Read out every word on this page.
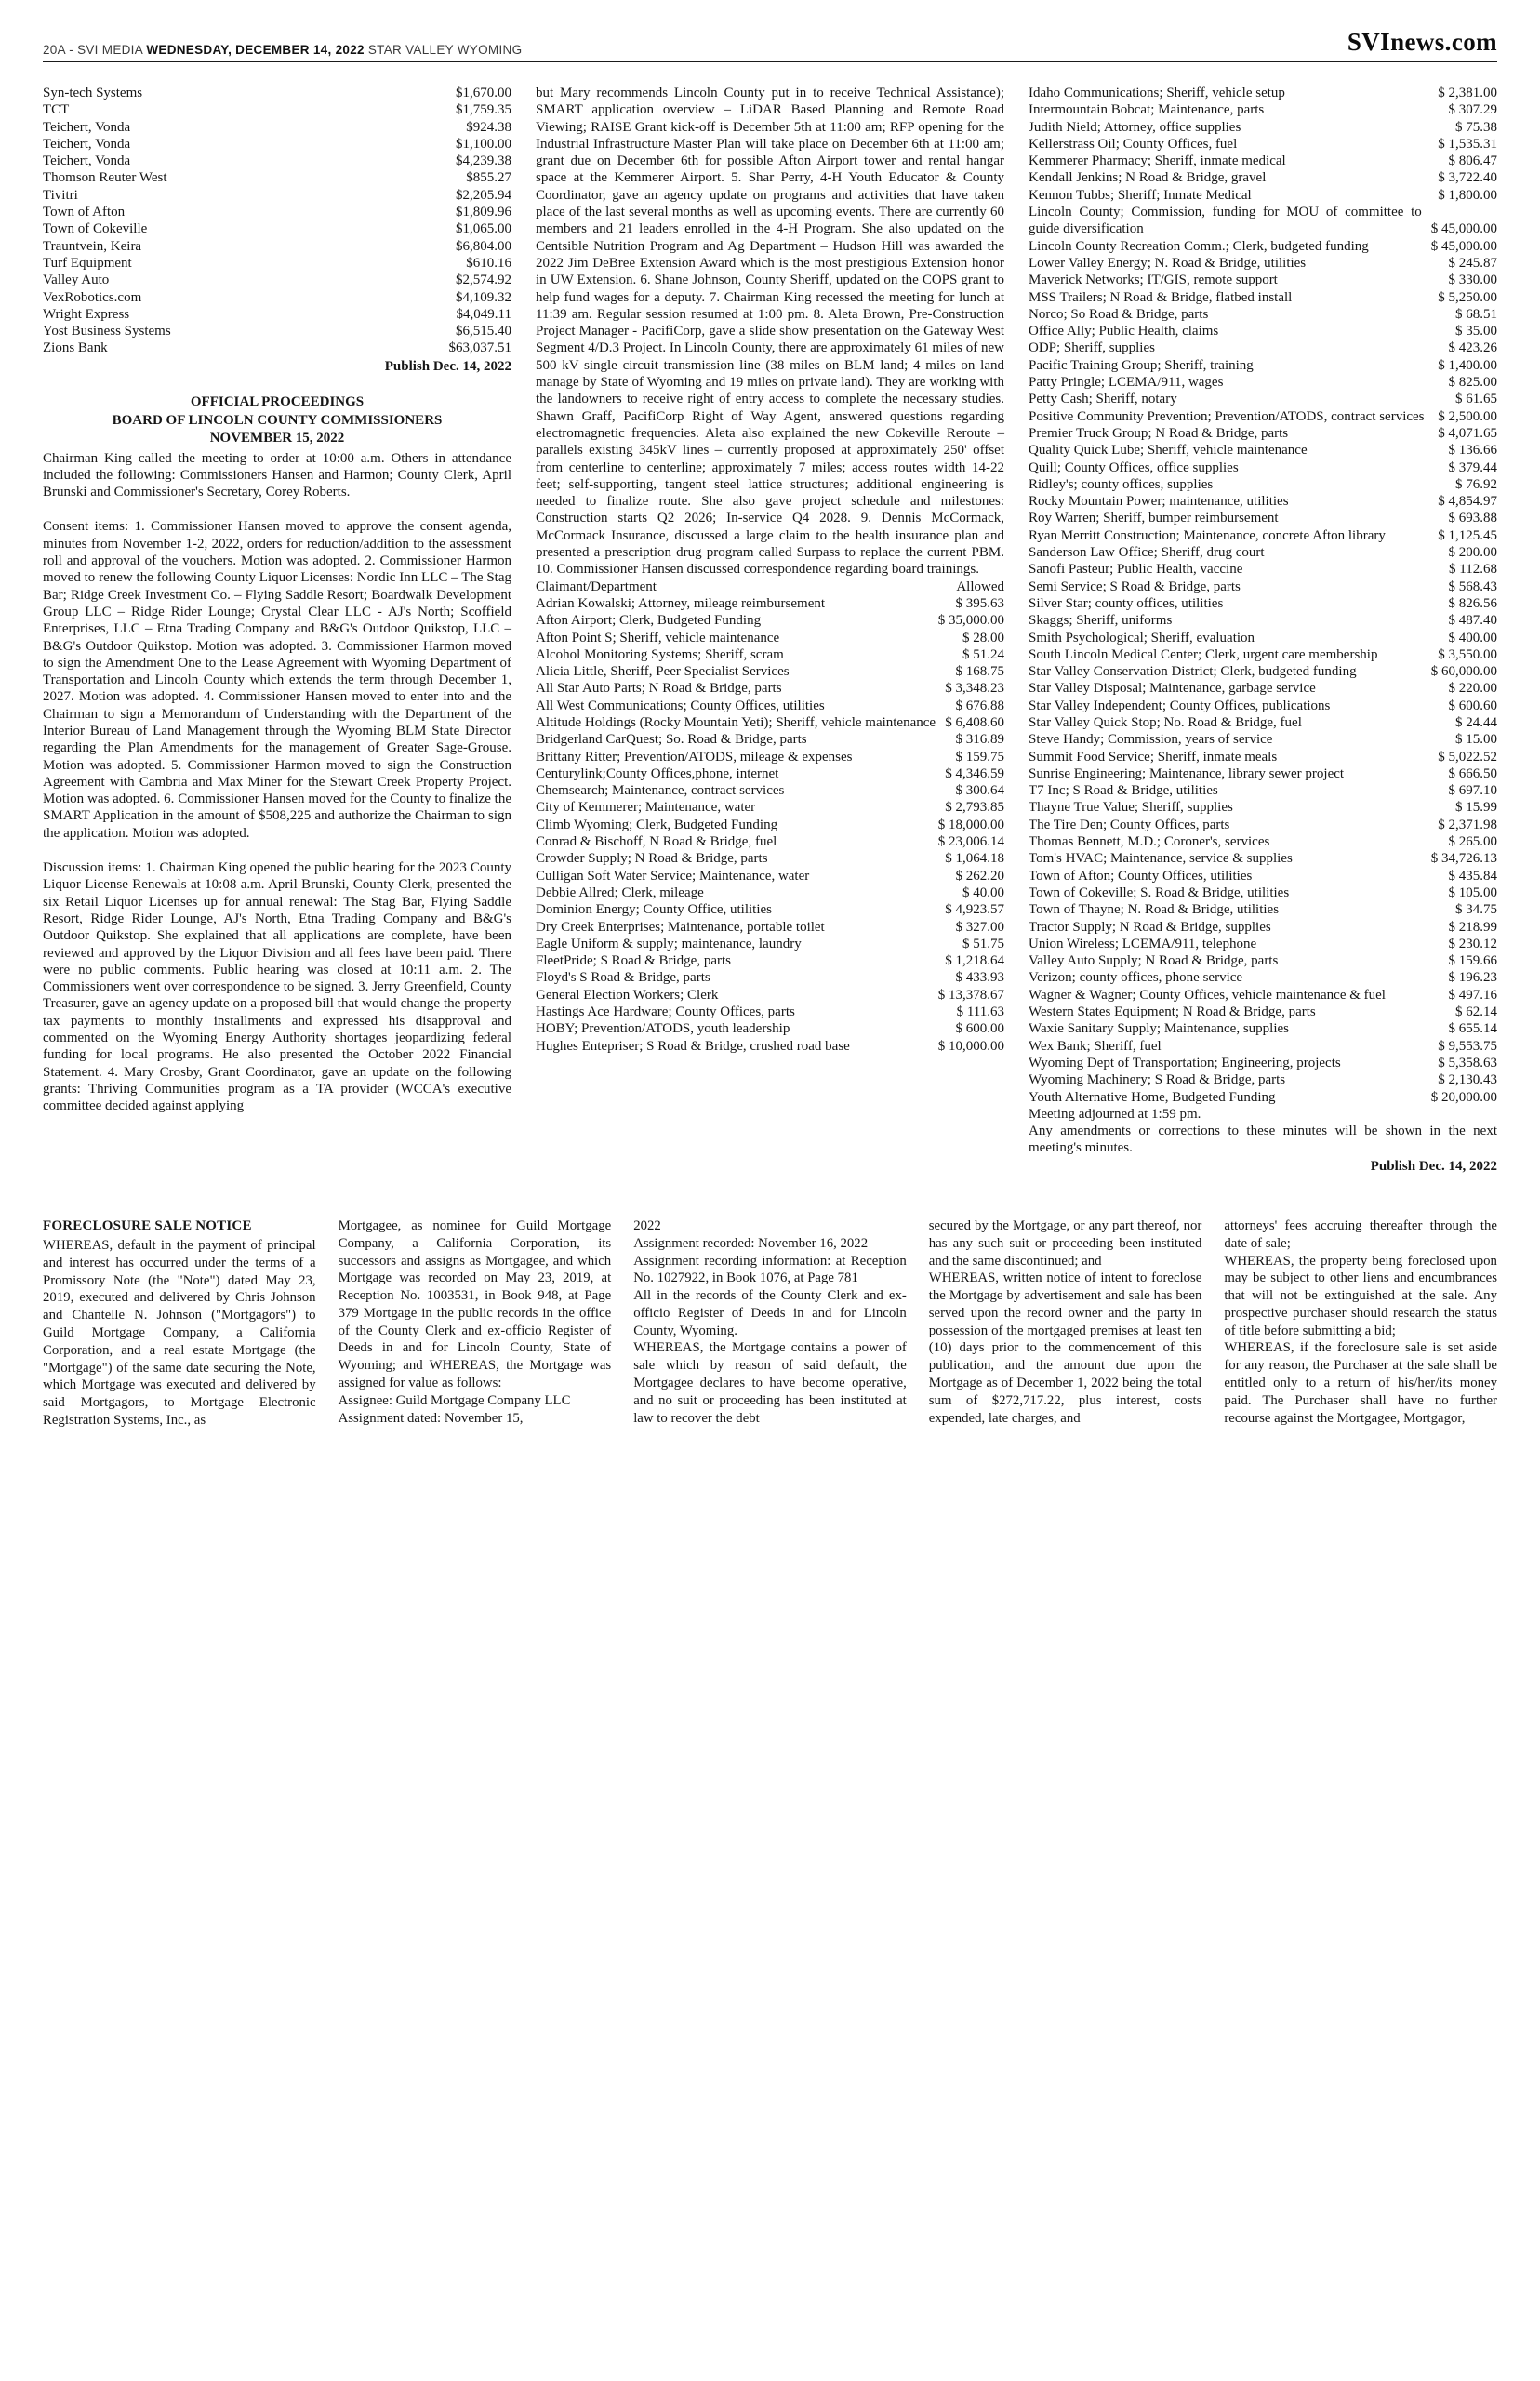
20A - SVI MEDIA WEDNESDAY, DECEMBER 14, 2022 STAR VALLEY WYOMING	SVInews.com
Syn-tech Systems	$1,670.00
TCT	$1,759.35
Teichert, Vonda	$924.38
Teichert, Vonda	$1,100.00
Teichert, Vonda	$4,239.38
Thomson Reuter West	$855.27
Tivitri	$2,205.94
Town of Afton	$1,809.96
Town of Cokeville	$1,065.00
Trauntvein, Keira	$6,804.00
Turf Equipment	$610.16
Valley Auto	$2,574.92
VexRobotics.com	$4,109.32
Wright Express	$4,049.11
Yost Business Systems	$6,515.40
Zions Bank	$63,037.51
Publish Dec. 14, 2022
OFFICIAL PROCEEDINGS
BOARD OF LINCOLN COUNTY COMMISSIONERS
NOVEMBER 15, 2022

Chairman King called the meeting to order at 10:00 a.m. Others in attendance included the following: Commissioners Hansen and Harmon; County Clerk, April Brunski and Commissioner's Secretary, Corey Roberts.

Consent items: 1. Commissioner Hansen moved to approve the consent agenda, minutes from November 1-2, 2022, orders for reduction/addition to the assessment roll and approval of the vouchers. Motion was adopted. 2. Commissioner Harmon moved to renew the following County Liquor Licenses: Nordic Inn LLC – The Stag Bar; Ridge Creek Investment Co. – Flying Saddle Resort; Boardwalk Development Group LLC – Ridge Rider Lounge; Crystal Clear LLC - AJ's North; Scoffield Enterprises, LLC – Etna Trading Company and B&G's Outdoor Quikstop, LLC – B&G's Outdoor Quikstop. Motion was adopted. 3. Commissioner Harmon moved to sign the Amendment One to the Lease Agreement with Wyoming Department of Transportation and Lincoln County which extends the term through December 1, 2027. Motion was adopted. 4. Commissioner Hansen moved to enter into and the Chairman to sign a Memorandum of Understanding with the Department of the Interior Bureau of Land Management through the Wyoming BLM State Director regarding the Plan Amendments for the management of Greater Sage-Grouse. Motion was adopted. 5. Commissioner Harmon moved to sign the Construction Agreement with Cambria and Max Miner for the Stewart Creek Property Project. Motion was adopted. 6. Commissioner Hansen moved for the County to finalize the SMART Application in the amount of $508,225 and authorize the Chairman to sign the application. Motion was adopted.

Discussion items: 1. Chairman King opened the public hearing for the 2023 County Liquor License Renewals at 10:08 a.m. April Brunski, County Clerk, presented the six Retail Liquor Licenses up for annual renewal: The Stag Bar, Flying Saddle Resort, Ridge Rider Lounge, AJ's North, Etna Trading Company and B&G's Outdoor Quikstop. She explained that all applications are complete, have been reviewed and approved by the Liquor Division and all fees have been paid. There were no public comments. Public hearing was closed at 10:11 a.m. 2. The Commissioners went over correspondence to be signed. 3. Jerry Greenfield, County Treasurer, gave an agency update on a proposed bill that would change the property tax payments to monthly installments and expressed his disapproval and commented on the Wyoming Energy Authority shortages jeopardizing federal funding for local programs. He also presented the October 2022 Financial Statement. 4. Mary Crosby, Grant Coordinator, gave an update on the following grants: Thriving Communities program as a TA provider (WCCA's executive committee decided against applying

but Mary recommends Lincoln County put in to receive Technical Assistance); SMART application overview – LiDAR Based Planning and Remote Road Viewing; RAISE Grant kick-off is December 5th at 11:00 am; RFP opening for the Industrial Infrastructure Master Plan will take place on December 6th at 11:00 am; grant due on December 6th for possible Afton Airport tower and rental hangar space at the Kemmerer Airport. 5. Shar Perry, 4-H Youth Educator & County Coordinator, gave an agency update on programs and activities that have taken place of the last several months as well as upcoming events. There are currently 60 members and 21 leaders enrolled in the 4-H Program. She also updated on the Centsible Nutrition Program and Ag Department – Hudson Hill was awarded the 2022 Jim DeBree Extension Award which is the most prestigious Extension honor in UW Extension. 6. Shane Johnson, County Sheriff, updated on the COPS grant to help fund wages for a deputy. 7. Chairman King recessed the meeting for lunch at 11:39 am. Regular session resumed at 1:00 pm. 8. Aleta Brown, Pre-Construction Project Manager - PacifiCorp, gave a slide show presentation on the Gateway West Segment 4/D.3 Project. In Lincoln County, there are approximately 61 miles of new 500 kV single circuit transmission line (38 miles on BLM land; 4 miles on land manage by State of Wyoming and 19 miles on private land). They are working with the landowners to receive right of entry access to complete the necessary studies. Shawn Graff, PacifiCorp Right of Way Agent, answered questions regarding electromagnetic frequencies. Aleta also explained the new Cokeville Reroute – parallels existing 345kV lines – currently proposed at approximately 250' offset from centerline to centerline; approximately 7 miles; access routes width 14-22 feet; self-supporting, tangent steel lattice structures; additional engineering is needed to finalize route. She also gave project schedule and milestones: Construction starts Q2 2026; In-service Q4 2028. 9. Dennis McCormack, McCormack Insurance, discussed a large claim to the health insurance plan and presented a prescription drug program called Surpass to replace the current PBM. 10. Commissioner Hansen discussed correspondence regarding board trainings.

Claimant/Department	Allowed
Adrian Kowalski; Attorney, mileage reimbursement	$ 395.63
Afton Airport; Clerk, Budgeted Funding	$ 35,000.00
Afton Point S; Sheriff, vehicle maintenance	$ 28.00
Alcohol Monitoring Systems; Sheriff, scram	$ 51.24
Alicia Little, Sheriff, Peer Specialist Services	$ 168.75
All Star Auto Parts; N Road & Bridge, parts	$ 3,348.23
All West Communications; County Offices, utilities	$ 676.88
Altitude Holdings (Rocky Mountain Yeti); Sheriff, vehicle maintenance $ 6,408.60
Bridgerland CarQuest; So. Road & Bridge, parts	$ 316.89
Brittany Ritter; Prevention/ATODS, mileage & expenses	$ 159.75
Centurylink;County Offices,phone, internet	$ 4,346.59
Chemsearch; Maintenance, contract services	$ 300.64
City of Kemmerer; Maintenance, water	$ 2,793.85
Climb Wyoming; Clerk, Budgeted Funding	$ 18,000.00
Conrad & Bischoff, N Road & Bridge, fuel	$ 23,006.14
Crowder Supply; N Road & Bridge, parts	$ 1,064.18
Culligan Soft Water Service; Maintenance, water	$ 262.20
Debbie Allred; Clerk, mileage	$ 40.00
Dominion Energy; County Office, utilities	$ 4,923.57
Dry Creek Enterprises; Maintenance, portable toilet	$ 327.00
Eagle Uniform & supply; maintenance, laundry	$ 51.75
FleetPride; S Road & Bridge, parts	$ 1,218.64
Floyd's S Road & Bridge, parts	$ 433.93
General Election Workers; Clerk	$ 13,378.67
Hastings Ace Hardware; County Offices, parts	$ 111.63
HOBY; Prevention/ATODS, youth leadership	$ 600.00
Hughes Entepriser; S Road & Bridge, crushed road base	$ 10,000.00
Idaho Communications; Sheriff, vehicle setup	$ 2,381.00
Intermountain Bobcat; Maintenance, parts	$ 307.29
Judith Nield; Attorney, office supplies	$ 75.38
Kellerstrass Oil; County Offices, fuel	$ 1,535.31
Kemmerer Pharmacy; Sheriff, inmate medical	$ 806.47
Kendall Jenkins; N Road & Bridge, gravel	$ 3,722.40
Kennon Tubbs; Sheriff; Inmate Medical	$ 1,800.00
Lincoln County; Commission, funding for MOU of committee to guide diversification	$ 45,000.00
Lincoln County Recreation Comm.; Clerk, budgeted funding	$ 45,000.00
Lower Valley Energy; N. Road & Bridge, utilities	$ 245.87
Maverick Networks; IT/GIS, remote support	$ 330.00
MSS Trailers; N Road & Bridge, flatbed install	$ 5,250.00
Norco; So Road & Bridge, parts	$ 68.51
Office Ally; Public Health, claims	$ 35.00
ODP; Sheriff, supplies	$ 423.26
Pacific Training Group; Sheriff, training	$ 1,400.00
Patty Pringle; LCEMA/911, wages	$ 825.00
Petty Cash; Sheriff, notary	$ 61.65
Positive Community Prevention; Prevention/ATODS, contract services $ 2,500.00
Premier Truck Group; N Road & Bridge, parts	$ 4,071.65
Quality Quick Lube; Sheriff, vehicle maintenance	$ 136.66
Quill; County Offices, office supplies	$ 379.44
Ridley's; county offices, supplies	$ 76.92
Rocky Mountain Power; maintenance, utilities	$ 4,854.97
Roy Warren; Sheriff, bumper reimbursement	$ 693.88
Ryan Merritt Construction; Maintenance, concrete Afton library	$ 1,125.45
Sanderson Law Office; Sheriff, drug court	$ 200.00
Sanofi Pasteur; Public Health, vaccine	$ 112.68
Semi Service; S Road & Bridge, parts	$ 568.43
Silver Star; county offices, utilities	$ 826.56
Skaggs; Sheriff, uniforms	$ 487.40
Smith Psychological; Sheriff, evaluation	$ 400.00
South Lincoln Medical Center; Clerk, urgent care membership	$ 3,550.00
Star Valley Conservation District; Clerk, budgeted funding	$ 60,000.00
Star Valley Disposal; Maintenance, garbage service	$ 220.00
Star Valley Independent; County Offices, publications	$ 600.60
Star Valley Quick Stop; No. Road & Bridge, fuel	$ 24.44
Steve Handy; Commission, years of service	$ 15.00
Summit Food Service; Sheriff, inmate meals	$ 5,022.52
Sunrise Engineering; Maintenance, library sewer project	$ 666.50
T7 Inc; S Road & Bridge, utilities	$ 697.10
Thayne True Value; Sheriff, supplies	$ 15.99
The Tire Den; County Offices, parts	$ 2,371.98
Thomas Bennett, M.D.; Coroner's, services	$ 265.00
Tom's HVAC; Maintenance, service & supplies	$ 34,726.13
Town of Afton; County Offices, utilities	$ 435.84
Town of Cokeville; S. Road & Bridge, utilities	$ 105.00
Town of Thayne; N. Road & Bridge, utilities	$ 34.75
Tractor Supply; N Road & Bridge, supplies	$ 218.99
Union Wireless; LCEMA/911, telephone	$ 230.12
Valley Auto Supply; N Road & Bridge, parts	$ 159.66
Verizon; county offices, phone service	$ 196.23
Wagner & Wagner; County Offices, vehicle maintenance & fuel	$ 497.16
Western States Equipment; N Road & Bridge, parts	$ 62.14
Waxie Sanitary Supply; Maintenance, supplies	$ 655.14
Wex Bank; Sheriff, fuel	$ 9,553.75
Wyoming Dept of Transportation; Engineering, projects	$ 5,358.63
Wyoming Machinery; S Road & Bridge, parts	$ 2,130.43
Youth Alternative Home, Budgeted Funding	$ 20,000.00

Meeting adjourned at 1:59 pm.

Any amendments or corrections to these minutes will be shown in the next meeting's minutes.

Publish Dec. 14, 2022
FORECLOSURE SALE NOTICE

WHEREAS, default in the payment of principal and interest has occurred under the terms of a Promissory Note (the "Note") dated May 23, 2019, executed and delivered by Chris Johnson and Chantelle N. Johnson ("Mortgagors") to Guild Mortgage Company, a California Corporation, and a real estate Mortgage (the "Mortgage") of the same date securing the Note, which Mortgage was executed and delivered by said Mortgagors, to Mortgage Electronic Registration Systems, Inc., as

Mortgagee, as nominee for Guild Mortgage Company, a California Corporation, its successors and assigns as Mortgagee, and which Mortgage was recorded on May 23, 2019, at Reception No. 1003531, in Book 948, at Page 379 Mortgage in the public records in the office of the County Clerk and ex-officio Register of Deeds in and for Lincoln County, State of Wyoming; and WHEREAS, the Mortgage was assigned for value as follows:

Assignee: Guild Mortgage Company LLC

Assignment dated: November 15,

2022

Assignment recorded: November 16, 2022

Assignment recording information: at Reception No. 1027922, in Book 1076, at Page 781

All in the records of the County Clerk and ex-officio Register of Deeds in and for Lincoln County, Wyoming.

WHEREAS, the Mortgage contains a power of sale which by reason of said default, the Mortgagee declares to have become operative, and no suit or proceeding has been instituted at law to recover the debt

secured by the Mortgage, or any part thereof, nor has any such suit or proceeding been instituted and the same discontinued; and

WHEREAS, written notice of intent to foreclose the Mortgage by advertisement and sale has been served upon the record owner and the party in possession of the mortgaged premises at least ten (10) days prior to the commencement of this publication, and the amount due upon the Mortgage as of December 1, 2022 being the total sum of $272,717.22, plus interest, costs expended, late charges, and

attorneys' fees accruing thereafter through the date of sale;

WHEREAS, the property being foreclosed upon may be subject to other liens and encumbrances that will not be extinguished at the sale. Any prospective purchaser should research the status of title before submitting a bid;

WHEREAS, if the foreclosure sale is set aside for any reason, the Purchaser at the sale shall be entitled only to a return of his/her/its money paid. The Purchaser shall have no further recourse against the Mortgagee, Mortgagor,
